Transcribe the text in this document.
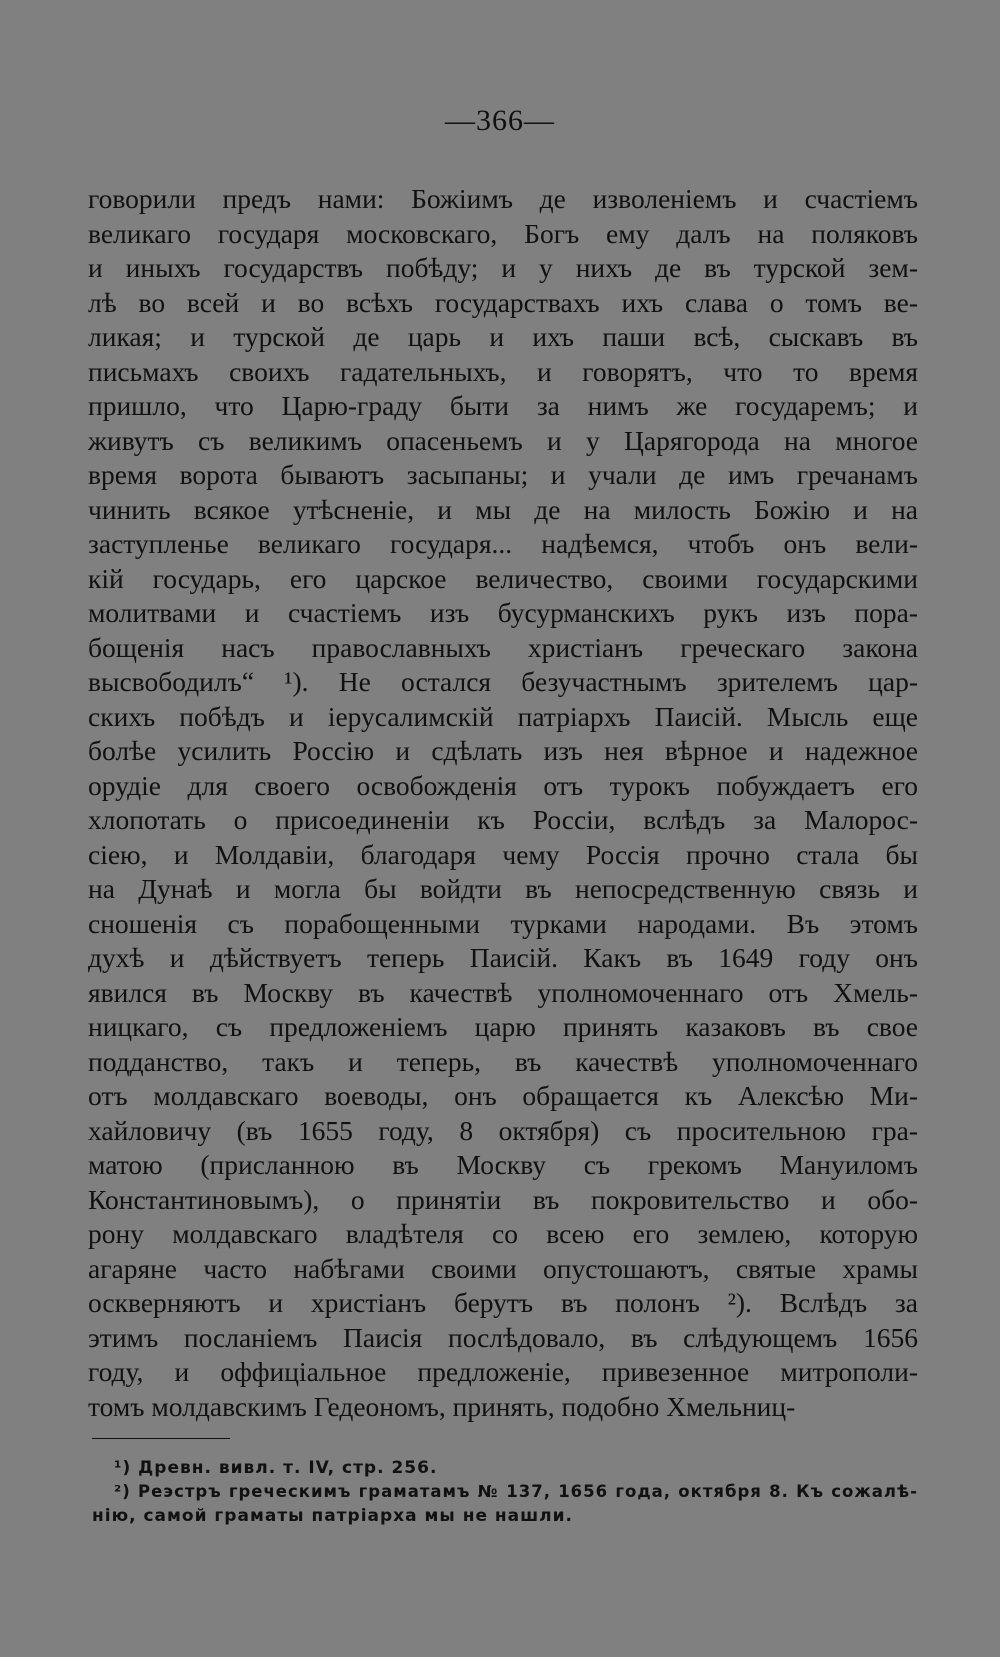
—366—
говорили предъ нами: Божіимъ де изволеніемъ и счастіемъ
великаго государя московскаго, Богъ ему далъ на поляковъ
и иныхъ государствъ побѣду; и у нихъ де въ турской зем-
лѣ во всей и во всѣхъ государствахъ ихъ слава о томъ ве-
ликая; и турской де царь и ихъ паши всѣ, сыскавъ въ
письмахъ своихъ гадательныхъ, и говорятъ, что то время
пришло, что Царю-граду быти за нимъ же государемъ; и
живутъ съ великимъ опасеньемъ и у Царягорода на многое
время ворота бываютъ засыпаны; и учали де имъ гречанамъ
чинить всякое утѣсненіе, и мы де на милость Божію и на
заступленье великаго государя... надѣемся, чтобъ онъ вели-
кій государь, его царское величество, своими государскими
молитвами и счастіемъ изъ бусурманскихъ рукъ изъ пора-
бощенія насъ православныхъ христіанъ греческаго закона
высвободилъ“ ¹). Не остался безучастнымъ зрителемъ цар-
скихъ побѣдъ и іерусалимскій патріархъ Паисій. Мысль еще
болѣе усилить Россію и сдѣлать изъ нея вѣрное и надежное
орудіе для своего освобожденія отъ турокъ побуждаетъ его
хлопотать о присоединеніи къ Россіи, вслѣдъ за Малорос-
сіею, и Молдавіи, благодаря чему Россія прочно стала бы
на Дунаѣ и могла бы войдти въ непосредственную связь и
сношенія съ порабощенными турками народами. Въ этомъ
духѣ и дѣйствуетъ теперь Паисій. Какъ въ 1649 году онъ
явился въ Москву въ качествѣ уполномоченнаго отъ Хмель-
ницкаго, съ предложеніемъ царю принять казаковъ въ свое
подданство, такъ и теперь, въ качествѣ уполномоченнаго
отъ молдавскаго воеводы, онъ обращается къ Алексѣю Ми-
хайловичу (въ 1655 году, 8 октября) съ просительною гра-
матою (присланною въ Москву съ грекомъ Мануиломъ
Константиновымъ), о принятіи въ покровительство и обо-
рону молдавскаго владѣтеля со всею его землею, которую
агаряне часто набѣгами своими опустошаютъ, святые храмы
оскверняютъ и христіанъ берутъ въ полонъ ²). Вслѣдъ за
этимъ посланіемъ Паисія послѣдовало, въ слѣдующемъ 1656
году, и оффиціальное предложеніе, привезенное митрополи-
томъ молдавскимъ Гедеономъ, принять, подобно Хмельниц-
¹) Древн. вивл. т. IV, стр. 256.
²) Реэстръ греческимъ граматамъ № 137, 1656 года, октября 8. Къ сожалѣ-
нію, самой граматы патріарха мы не нашли.
